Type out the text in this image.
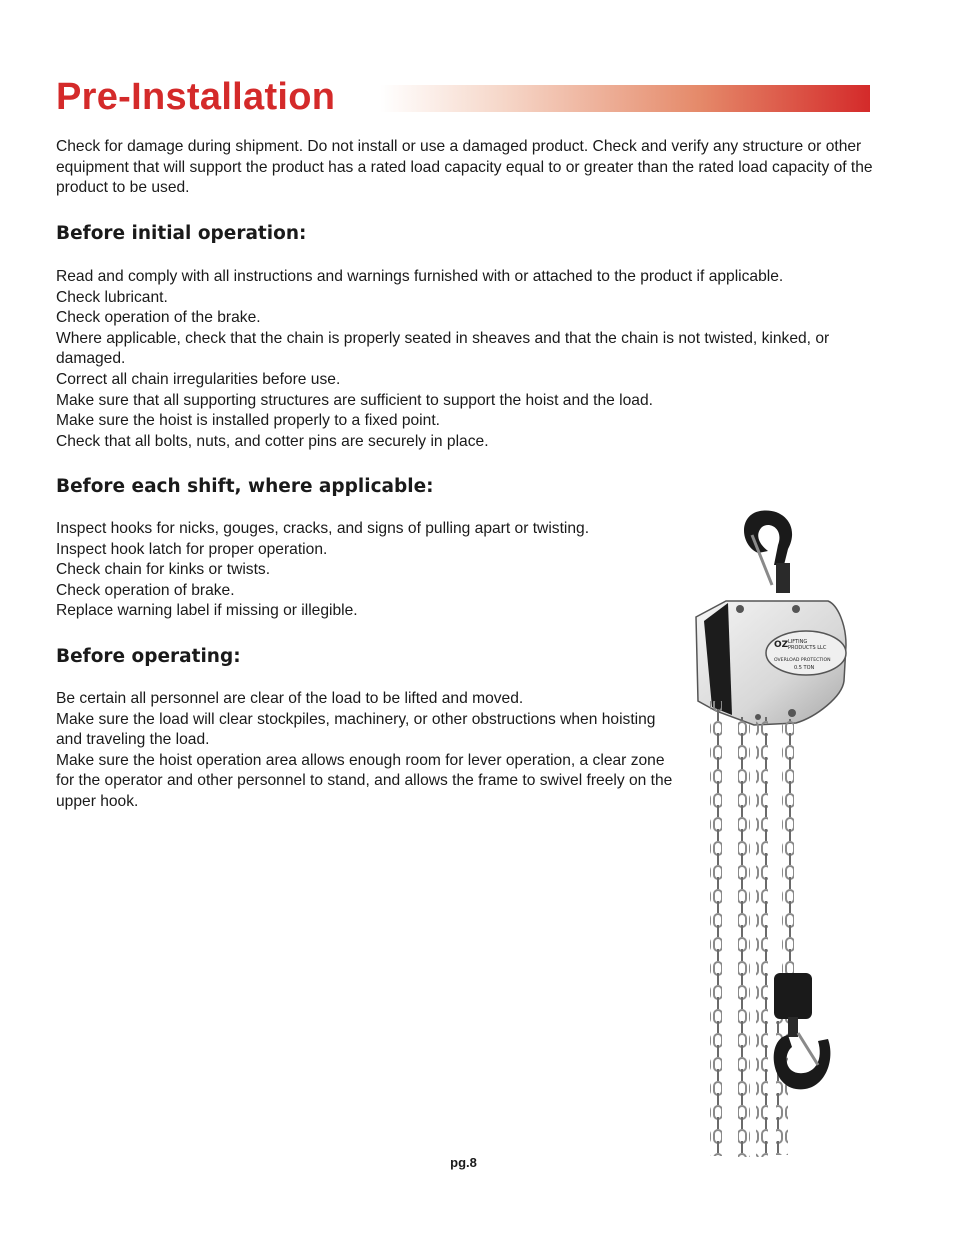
Pre-Installation

Check for damage during shipment. Do not install or use a damaged product. Check and verify any structure or other equipment that will support the product has a rated load capacity equal to or greater than the rated load capacity of the product to be used.

Before initial operation:
Read and comply with all instructions and warnings furnished with or attached to the product if applicable.
Check lubricant.
Check operation of the brake.
Where applicable, check that the chain is properly seated in sheaves and that the chain is not twisted, kinked, or damaged.
Correct all chain irregularities before use.
Make sure that all supporting structures are sufficient to support the hoist and the load.
Make sure the hoist is installed properly to a fixed point.
Check that all bolts, nuts, and cotter pins are securely in place.
Before each shift, where applicable:
Inspect hooks for nicks, gouges, cracks, and signs of pulling apart or twisting.
Inspect hook latch for proper operation.
Check chain for kinks or twists.
Check operation of brake.
Replace warning label if missing or illegible.
Before operating:
Be certain all personnel are clear of the load to be lifted and moved.
Make sure the load will clear stockpiles, machinery, or other obstructions when hoisting and traveling the load.
Make sure the hoist operation area allows enough room for lever operation, a clear zone for the operator and other personnel to stand, and allows the frame to swivel freely on the upper hook.
OZ LIFTING
PRODUCTS LLC
OVERLOAD PROTECTION
0.5 TON
pg.8
